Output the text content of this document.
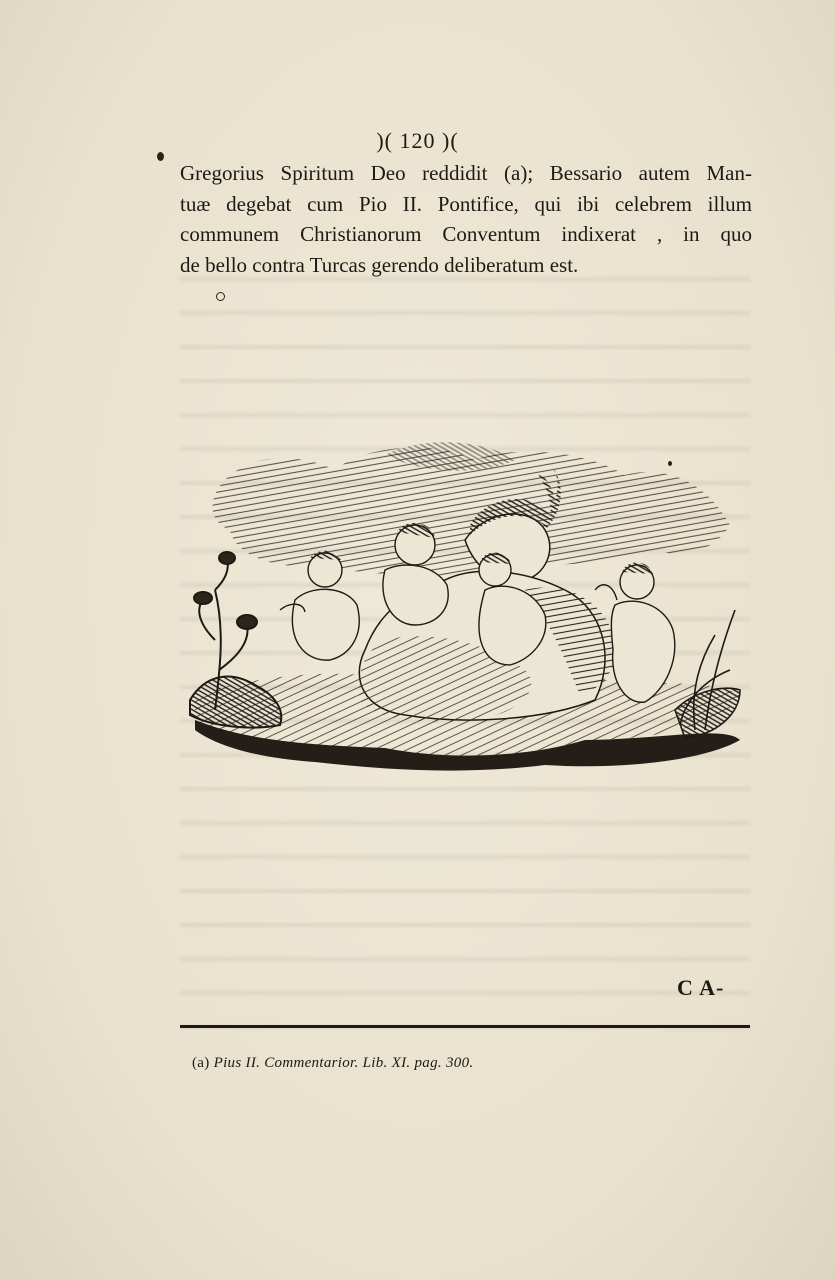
)( 120 )(
Gregorius Spiritum Deo reddidit (a); Bessario autem Man-
tuæ degebat cum Pio II. Pontifice, qui ibi celebrem illum
communem Christianorum Conventum indixerat , in quo
de bello contra Turcas gerendo deliberatum est.
C A-
(a) Pius II. Commentarior. Lib. XI. pag. 300.
